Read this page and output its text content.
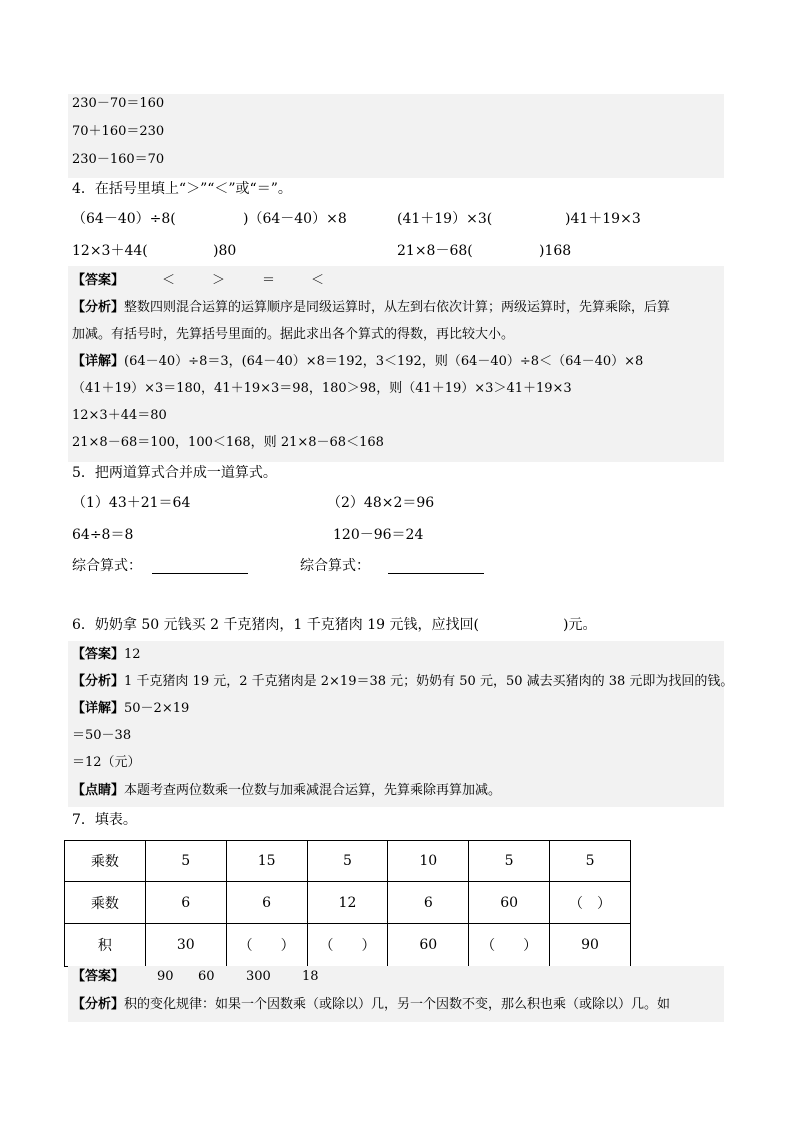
230－70＝160
70＋160＝230
230－160＝70
4．在括号里填上“＞”“＜”或“＝”。
（64－40）÷8(	)（64－40）×8	(41＋19）×3(	)41＋19×3
12×3＋44(	)80	21×8－68(	)168
【答案】	＜	＞	＝	＜
【分析】整数四则混合运算的运算顺序是同级运算时，从左到右依次计算；两级运算时，先算乘除，后算
加减。有括号时，先算括号里面的。据此求出各个算式的得数，再比较大小。
【详解】(64－40）÷8＝3，(64－40）×8＝192，3＜192，则（64－40）÷8＜（64－40）×8
（41＋19）×3＝180，41＋19×3＝98，180＞98，则（41＋19）×3＞41＋19×3
12×3＋44＝80
21×8－68＝100，100＜168，则 21×8－68＜168
5．把两道算式合并成一道算式。
（1）43＋21＝64	（2）48×2＝96
64÷8＝8	120－96＝24
综合算式：	综合算式：
6．奶奶拿 50 元钱买 2 千克猪肉，1 千克猪肉 19 元钱，应找回(	)元。
【答案】12
【分析】1 千克猪肉 19 元，2 千克猪肉是 2×19＝38 元；奶奶有 50 元，50 减去买猪肉的 38 元即为找回的钱。
【详解】50－2×19
＝50－38
＝12（元）
【点睛】本题考查两位数乘一位数与加乘减混合运算，先算乘除再算加减。
7．填表。
乘数	5	15	5	10	5	5
乘数	6	6	12	6	60	（　）
积	30	（　　）	（　　）	60	（　　）	90
【答案】	90 60 300 18
【分析】积的变化规律：如果一个因数乘（或除以）几，另一个因数不变，那么积也乘（或除以）几。如
